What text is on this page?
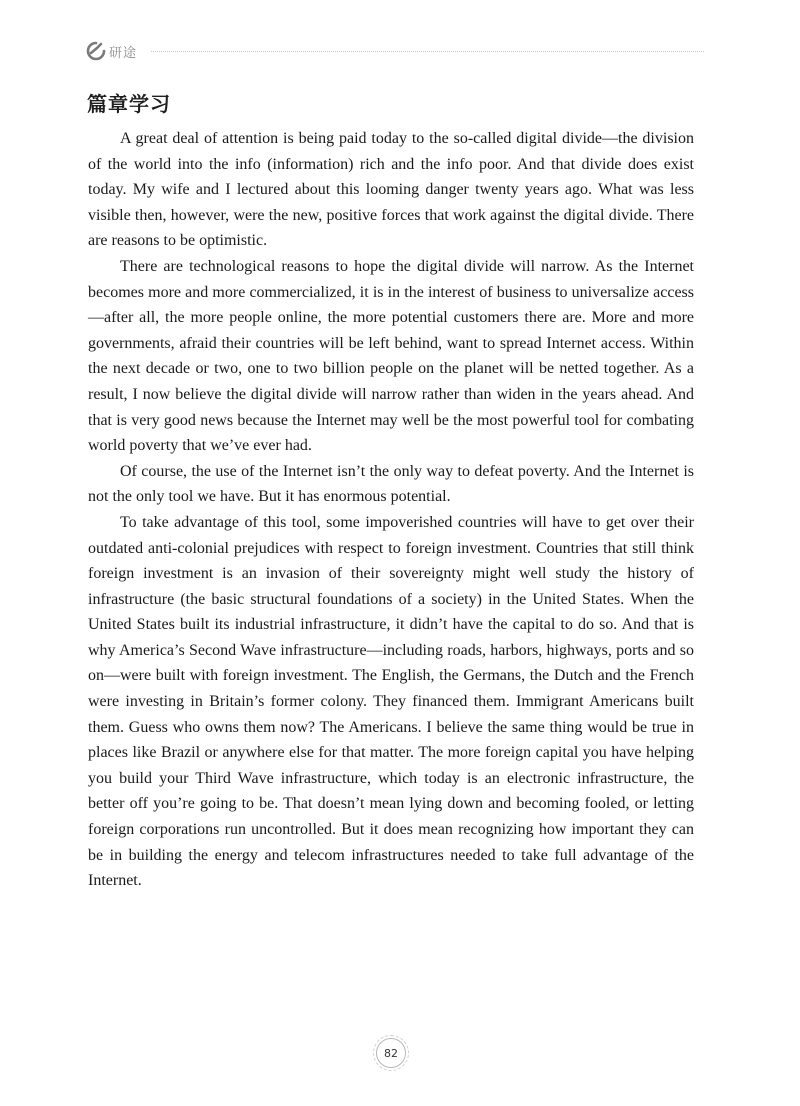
研途
篇章学习

A great deal of attention is being paid today to the so-called digital divide—the division of the world into the info (information) rich and the info poor. And that divide does exist today. My wife and I lectured about this looming danger twenty years ago. What was less visible then, however, were the new, positive forces that work against the digital divide. There are reasons to be optimistic.

There are technological reasons to hope the digital divide will narrow. As the Internet becomes more and more commercialized, it is in the interest of business to universalize access—after all, the more people online, the more potential customers there are. More and more governments, afraid their countries will be left behind, want to spread Internet access. Within the next decade or two, one to two billion people on the planet will be netted together. As a result, I now believe the digital divide will narrow rather than widen in the years ahead. And that is very good news because the Internet may well be the most powerful tool for combating world poverty that we’ve ever had.

Of course, the use of the Internet isn’t the only way to defeat poverty. And the Internet is not the only tool we have. But it has enormous potential.

To take advantage of this tool, some impoverished countries will have to get over their outdated anti-colonial prejudices with respect to foreign investment. Countries that still think foreign investment is an invasion of their sovereignty might well study the history of infrastructure (the basic structural foundations of a society) in the United States. When the United States built its industrial infrastructure, it didn’t have the capital to do so. And that is why America’s Second Wave infrastructure—including roads, harbors, highways, ports and so on—were built with foreign investment. The English, the Germans, the Dutch and the French were investing in Britain’s former colony. They financed them. Immigrant Americans built them. Guess who owns them now? The Americans. I believe the same thing would be true in places like Brazil or anywhere else for that matter. The more foreign capital you have helping you build your Third Wave infrastructure, which today is an electronic infrastructure, the better off you’re going to be. That doesn’t mean lying down and becoming fooled, or letting foreign corporations run uncontrolled. But it does mean recognizing how important they can be in building the energy and telecom infrastructures needed to take full advantage of the Internet.

82
